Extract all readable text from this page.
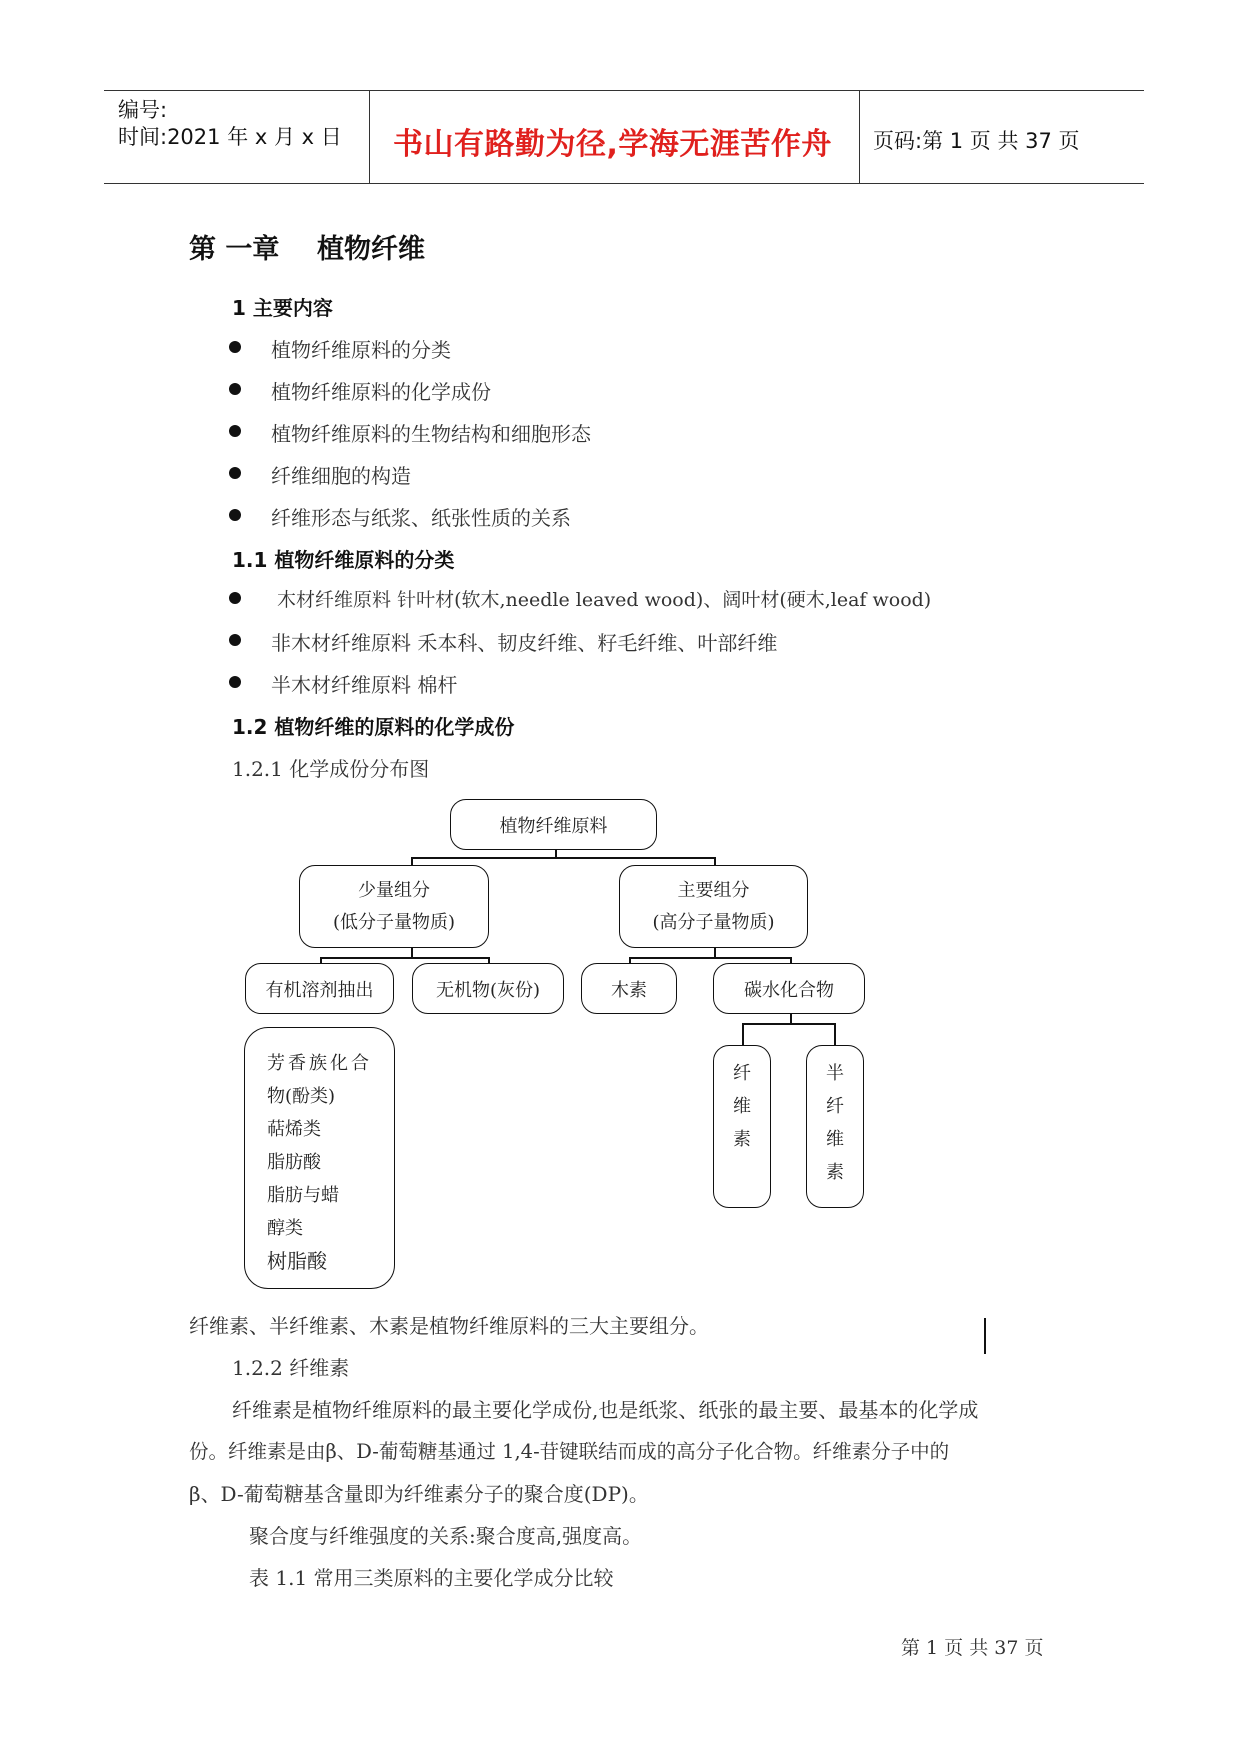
编号:
时间:2021 年 x 月 x 日 书山有路勤为径,学海无涯苦作舟 页码:第 1 页 共 37 页
第 一章    植物纤维
1 主要内容
植物纤维原料的分类
植物纤维原料的化学成份
植物纤维原料的生物结构和细胞形态
纤维细胞的构造
纤维形态与纸浆、纸张性质的关系
1.1 植物纤维原料的分类
木材纤维原料 针叶材(软木,needle leaved wood)、阔叶材(硬木,leaf wood)
非木材纤维原料 禾本科、韧皮纤维、籽毛纤维、叶部纤维
半木材纤维原料 棉杆
1.2 植物纤维的原料的化学成份
1.2.1 化学成份分布图
植物纤维原料
少量组分
(低分子量物质)
主要组分
(高分子量物质)
有机溶剂抽出	无机物(灰份)	木素	碳水化合物
芳香族化合
物(酚类)
萜烯类
脂肪酸
脂肪与蜡
醇类
树脂酸
纤
维
素
半
纤
维
素
纤维素、半纤维素、木素是植物纤维原料的三大主要组分。
1.2.2 纤维素
纤维素是植物纤维原料的最主要化学成份,也是纸浆、纸张的最主要、最基本的化学成
份。纤维素是由β、D-葡萄糖基通过 1,4-苷键联结而成的高分子化合物。纤维素分子中的
β、D-葡萄糖基含量即为纤维素分子的聚合度(DP)。
聚合度与纤维强度的关系:聚合度高,强度高。
表 1.1 常用三类原料的主要化学成分比较
第 1 页 共 37 页
